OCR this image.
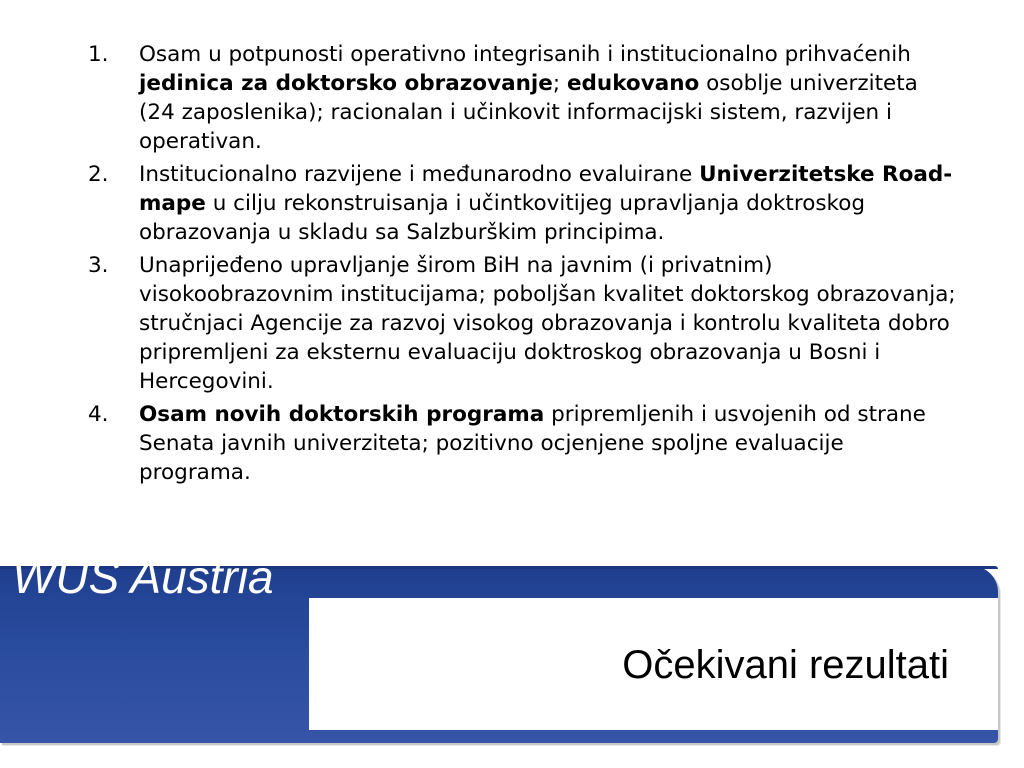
1. Osam u potpunosti operativno integrisanih i institucionalno prihvaćenih jedinica za doktorsko obrazovanje; edukovano osoblje univerziteta (24 zaposlenika); racionalan i učinkovit informacijski sistem, razvijen i operativan.
2. Institucionalno razvijene i međunarodno evaluirane Univerzitetske Road-mape u cilju rekonstruisanja i učintkovitijeg upravljanja doktroskog obrazovanja u skladu sa Salzburškim principima.
3. Unaprijeđeno upravljanje širom BiH na javnim (i privatnim) visokoobrazovnim institucijama; poboljšan kvalitet doktorskog obrazovanja; stručnjaci Agencije za razvoj visokog obrazovanja i kontrolu kvaliteta dobro pripremljeni za eksternu evaluaciju doktroskog obrazovanja u Bosni i Hercegovini.
4. Osam novih doktorskih programa pripremljenih i usvojenih od strane Senata javnih univerziteta; pozitivno ocjenjene spoljne evaluacije programa.
WUS Austria
Očekivani rezultati
